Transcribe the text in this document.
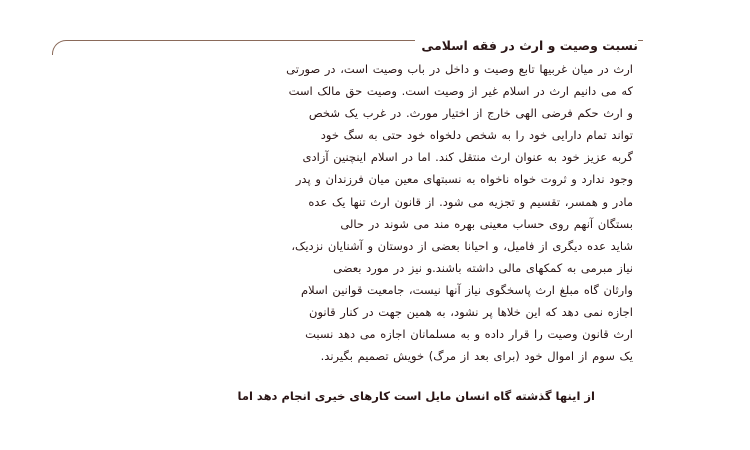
نسبت وصیت و ارث در فقه اسلامی

ارث در میان غربیها تابع وصیت و داخل در باب وصیت است، در صورتی
که می دانیم ارث در اسلام غیر از وصیت است. وصیت حق مالک است
و ارث حکم فرضی الهی خارج از اختیار مورث. در غرب یک شخص
تواند تمام دارایی خود را به شخص دلخواه خود حتی به سگ خود
گربه عزیز خود به عنوان ارث منتقل کند. اما در اسلام اینچنین آزادی
وجود ندارد و ثروت خواه ناخواه به نسبتهای معین میان فرزندان و پدر
مادر و همسر، تقسیم و تجزیه می شود. از قانون ارث تنها یک عده
بستگان آنهم روی حساب معینی بهره مند می شوند در حالی
شاید عده دیگری از فامیل، و احیانا بعضی از دوستان و آشنایان نزدیک،
نیاز مبرمی به کمکهای مالی داشته باشند.و نیز در مورد بعضی
وارثان گاه مبلغ ارث پاسخگوی نیاز آنها نیست، جامعیت قوانین اسلام
اجازه نمی دهد که این خلاها پر نشود، به همین جهت در کنار قانون
ارث قانون وصیت را قرار داده و به مسلمانان اجازه می دهد نسبت
یک سوم از اموال خود (برای بعد از مرگ) خویش تصمیم بگیرند.

از اینها گذشته گاه انسان مایل است کارهای خیری انجام دهد اما
